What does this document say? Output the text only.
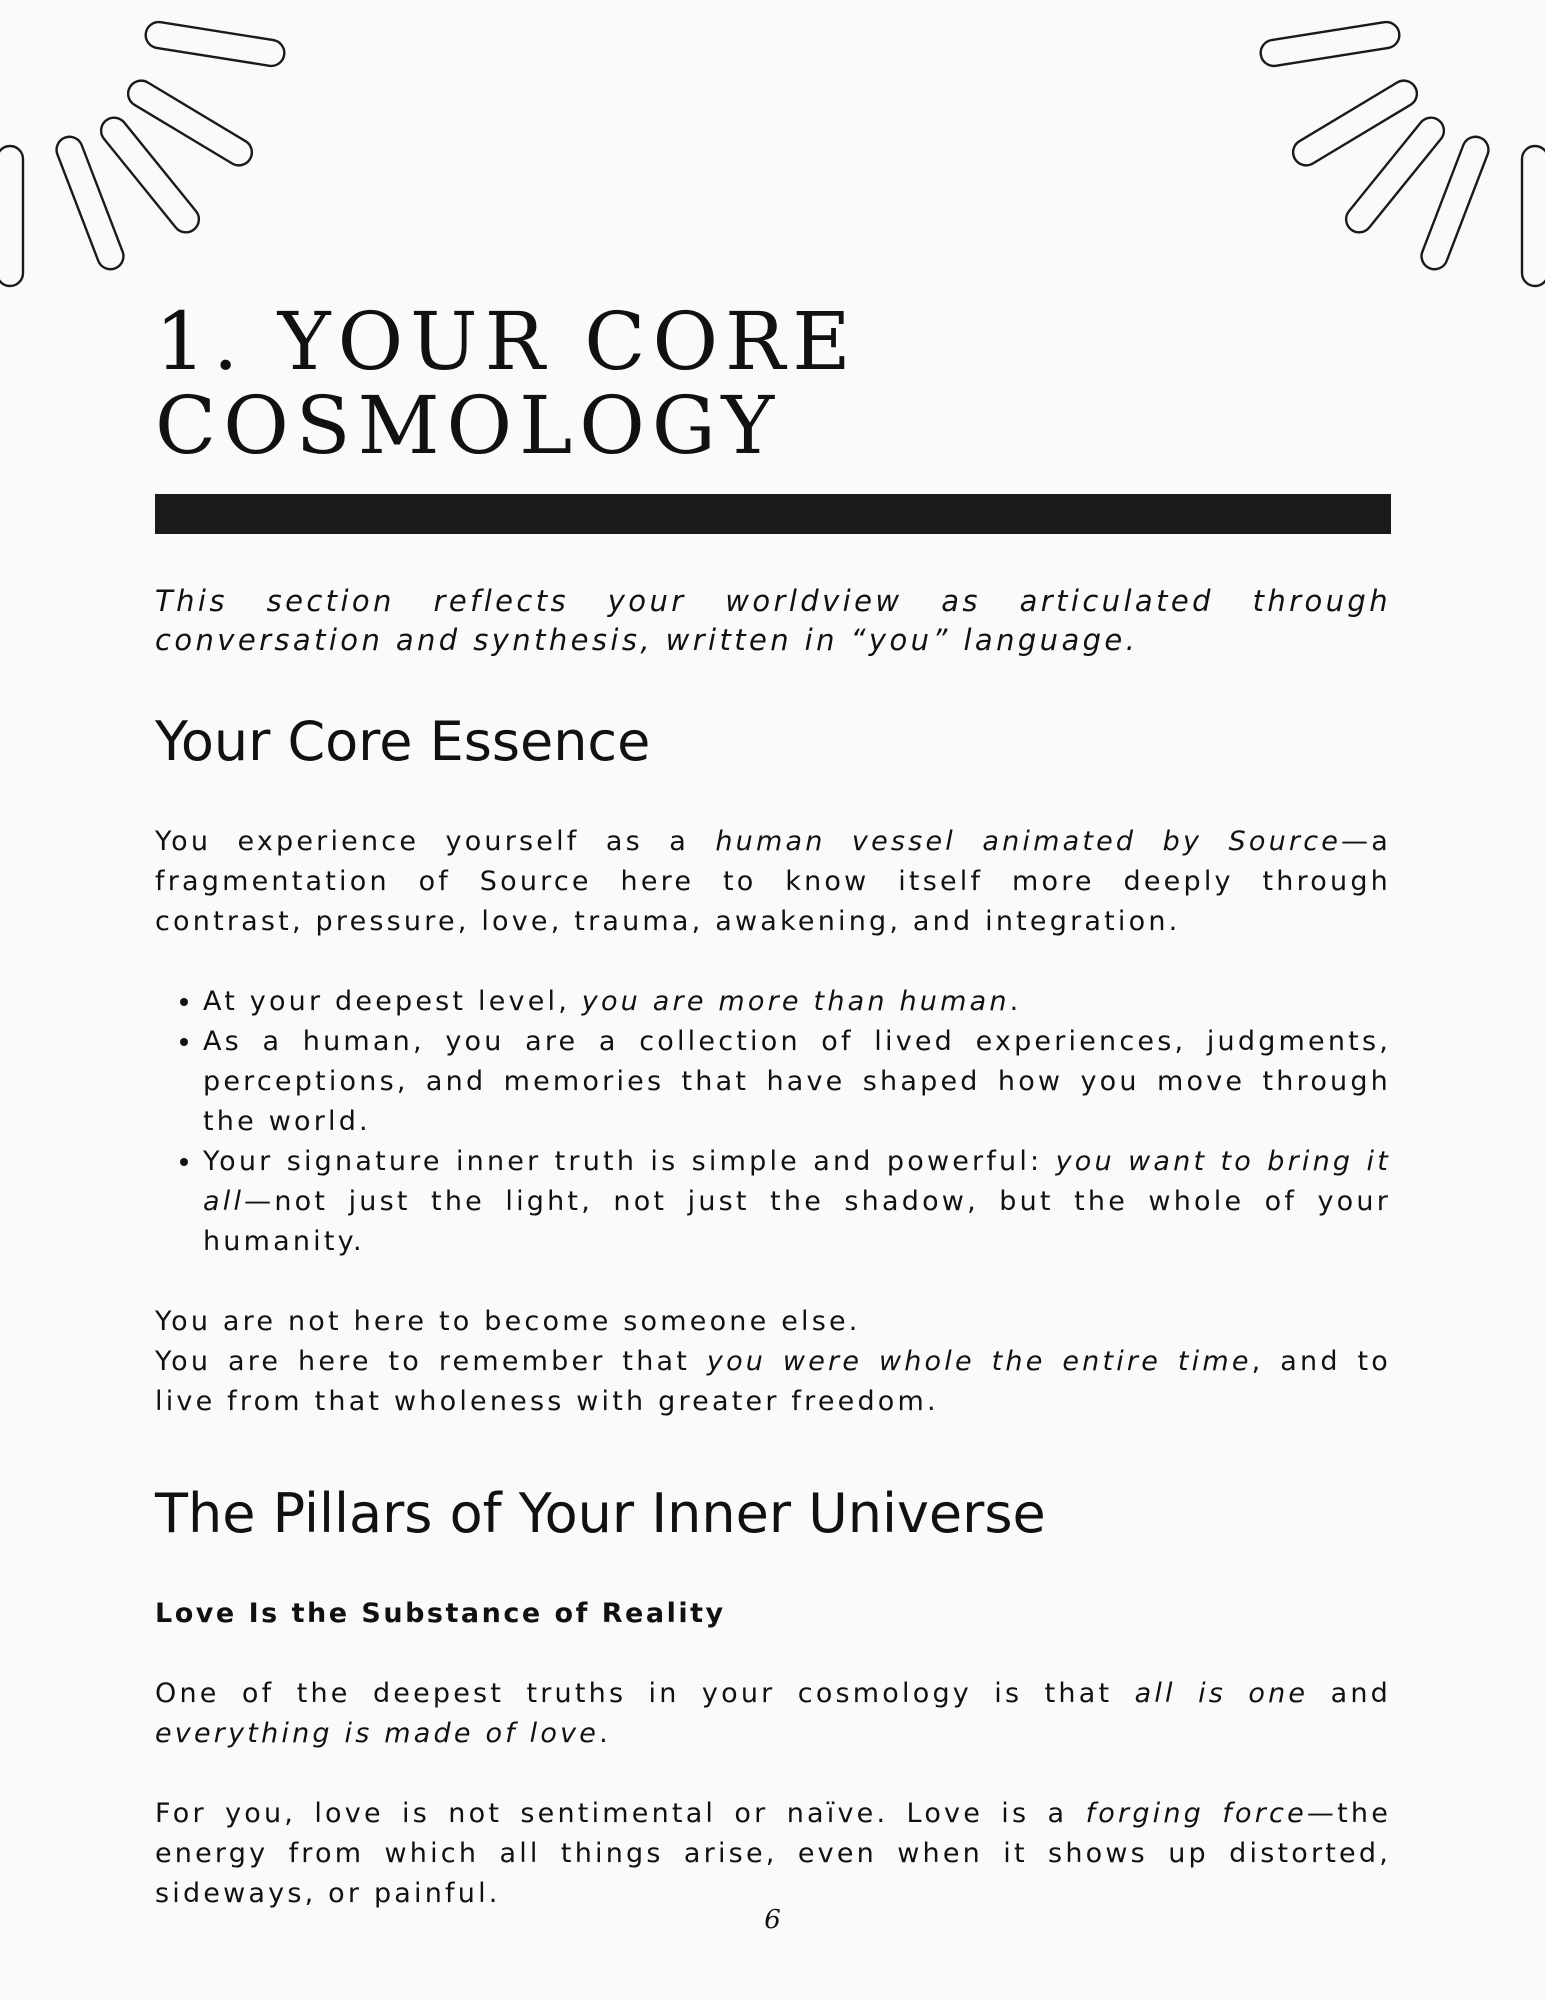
1. YOUR CORE
COSMOLOGY

This section reflects your worldview as articulated through conversation and synthesis, written in “you” language.

Your Core Essence

You experience yourself as a human vessel animated by Source—a fragmentation of Source here to know itself more deeply through contrast, pressure, love, trauma, awakening, and integration.

• At your deepest level, you are more than human.
• As a human, you are a collection of lived experiences, judgments, perceptions, and memories that have shaped how you move through the world.
• Your signature inner truth is simple and powerful: you want to bring it all—not just the light, not just the shadow, but the whole of your humanity.

You are not here to become someone else.
You are here to remember that you were whole the entire time, and to live from that wholeness with greater freedom.

The Pillars of Your Inner Universe
Love Is the Substance of Reality

One of the deepest truths in your cosmology is that all is one and everything is made of love.

For you, love is not sentimental or naïve. Love is a forging force—the energy from which all things arise, even when it shows up distorted, sideways, or painful.

6
